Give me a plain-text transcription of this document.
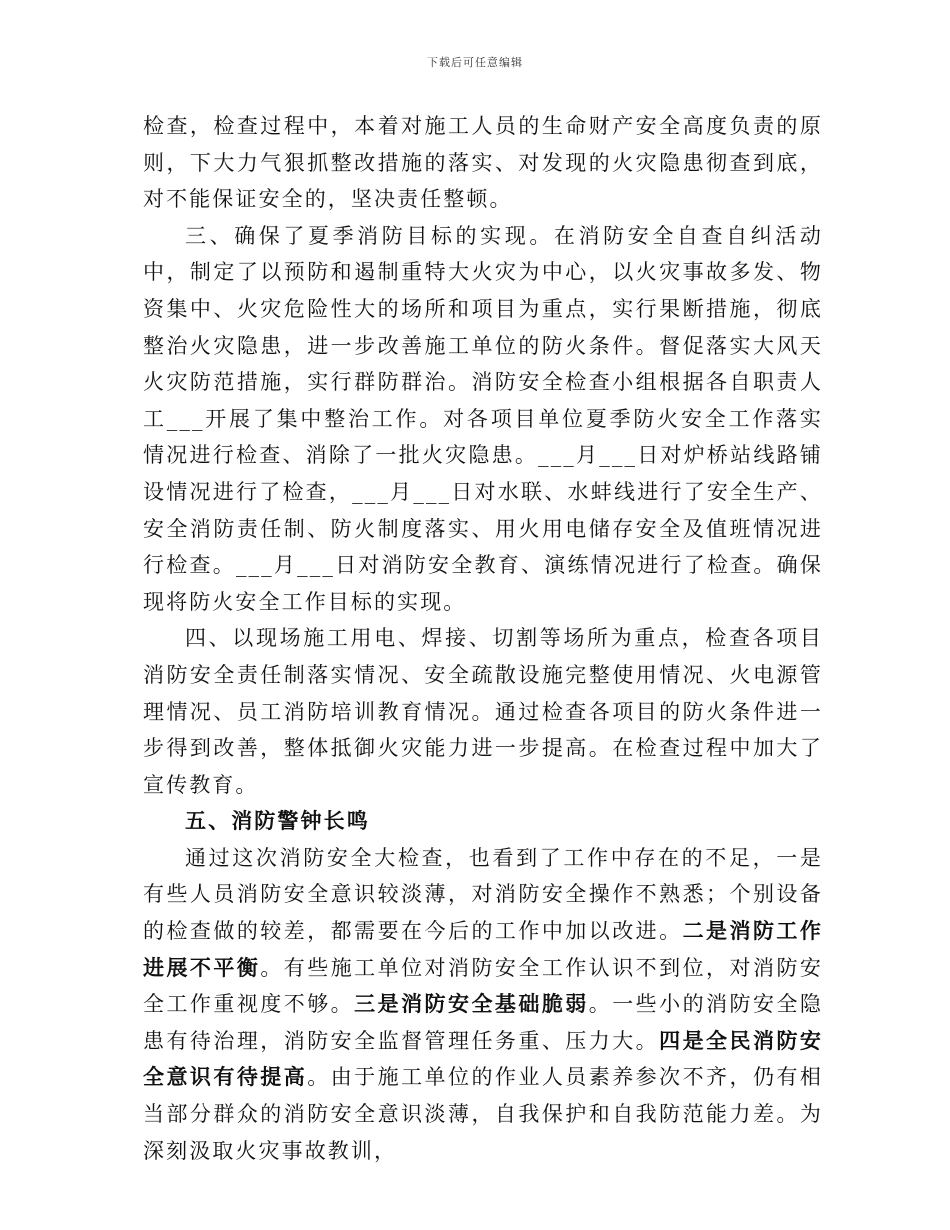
下载后可任意编辑

检查，检查过程中，本着对施工人员的生命财产安全高度负责的原则，下大力气狠抓整改措施的落实、对发现的火灾隐患彻查到底，对不能保证安全的，坚决责任整顿。

三、确保了夏季消防目标的实现。在消防安全自查自纠活动中，制定了以预防和遏制重特大火灾为中心，以火灾事故多发、物资集中、火灾危险性大的场所和项目为重点，实行果断措施，彻底整治火灾隐患，进一步改善施工单位的防火条件。督促落实大风天火灾防范措施，实行群防群治。消防安全检查小组根据各自职责人工___开展了集中整治工作。对各项目单位夏季防火安全工作落实情况进行检查、消除了一批火灾隐患。___月___日对炉桥站线路铺设情况进行了检查，___月___日对水联、水蚌线进行了安全生产、安全消防责任制、防火制度落实、用火用电储存安全及值班情况进行检查。___月___日对消防安全教育、演练情况进行了检查。确保现将防火安全工作目标的实现。

四、以现场施工用电、焊接、切割等场所为重点，检查各项目消防安全责任制落实情况、安全疏散设施完整使用情况、火电源管理情况、员工消防培训教育情况。通过检查各项目的防火条件进一步得到改善，整体抵御火灾能力进一步提高。在检查过程中加大了宣传教育。

五、消防警钟长鸣

通过这次消防安全大检查，也看到了工作中存在的不足，一是有些人员消防安全意识较淡薄，对消防安全操作不熟悉；个别设备的检查做的较差，都需要在今后的工作中加以改进。二是消防工作进展不平衡。有些施工单位对消防安全工作认识不到位，对消防安全工作重视度不够。三是消防安全基础脆弱。一些小的消防安全隐患有待治理，消防安全监督管理任务重、压力大。四是全民消防安全意识有待提高。由于施工单位的作业人员素养参次不齐，仍有相当部分群众的消防安全意识淡薄，自我保护和自我防范能力差。为深刻汲取火灾事故教训，
